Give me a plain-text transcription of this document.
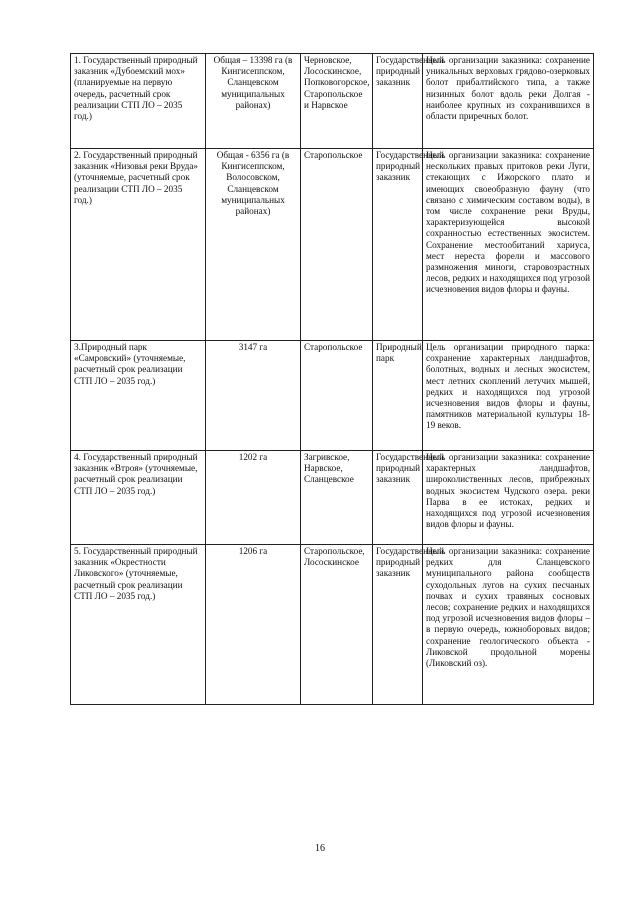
1. Государственный природный заказник «Дубоемский мох» (планируемые на первую очередь, расчетный срок реализации СТП ЛО – 2035 год.)	Общая – 13398 га (в Кингисеппском, Сланцевском муниципальных районах)	Черновское, Лососкинское, Попковогорское, Старопольское и Нарвское	Государственный природный заказник	Цель организации заказника: сохранение уникальных верховых грядово-озерковых болот прибалтийского типа, а также низинных болот вдоль реки Долгая - наиболее крупных из сохранившихся в области приречных болот.
2. Государственный природный заказник «Низовья реки Вруда» (уточняемые, расчетный срок реализации СТП ЛО – 2035 год.)	Общая - 6356 га (в Кингисеппском, Волосовском, Сланцевском муниципальных районах)	Старопольское	Государственный природный заказник	Цель организации заказника: сохранение нескольких правых притоков реки Луги, стекающих с Ижорского плато и имеющих своеобразную фауну (что связано с химическим составом воды), в том числе сохранение реки Вруды, характеризующейся высокой сохранностью естественных экосистем. Сохранение местообитаний хариуса, мест нереста форели и массового размножения миноги, старовозрастных лесов, редких и находящихся под угрозой исчезновения видов флоры и фауны.
3.Природный парк «Самровский» (уточняемые, расчетный срок реализации СТП ЛО – 2035 год.)	3147 га	Старопольское	Природный парк	Цель организации природного парка: сохранение характерных ландшафтов, болотных, водных и лесных экосистем, мест летних скоплений летучих мышей, редких и находящихся под угрозой исчезновения видов флоры и фауны, памятников материальной культуры 18-19 веков.
4. Государственный природный заказник «Втроя» (уточняемые, расчетный срок реализации СТП ЛО – 2035 год.)	1202 га	Загривское, Нарвское, Сланцевское	Государственный природный заказник	Цель организации заказника: сохранение характерных ландшафтов, широколиственных лесов, прибрежных водных экосистем Чудского озера. реки Парва в ее истоках, редких и находящихся под угрозой исчезновения видов флоры и фауны.
5. Государственный природный заказник «Окрестности Ликовского» (уточняемые, расчетный срок реализации СТП ЛО – 2035 год.)	1206 га	Старопольское, Лососкинское	Государственный природный заказник	Цель организации заказника: сохранение редких для Сланцевского муниципального района сообществ суходольных лугов на сухих песчаных почвах и сухих травяных сосновых лесов; сохранение редких и находящихся под угрозой исчезновения видов флоры – в первую очередь, южноборовых видов; сохранение геологического объекта - Ликовской продольной морены (Ликовский оз).
16
